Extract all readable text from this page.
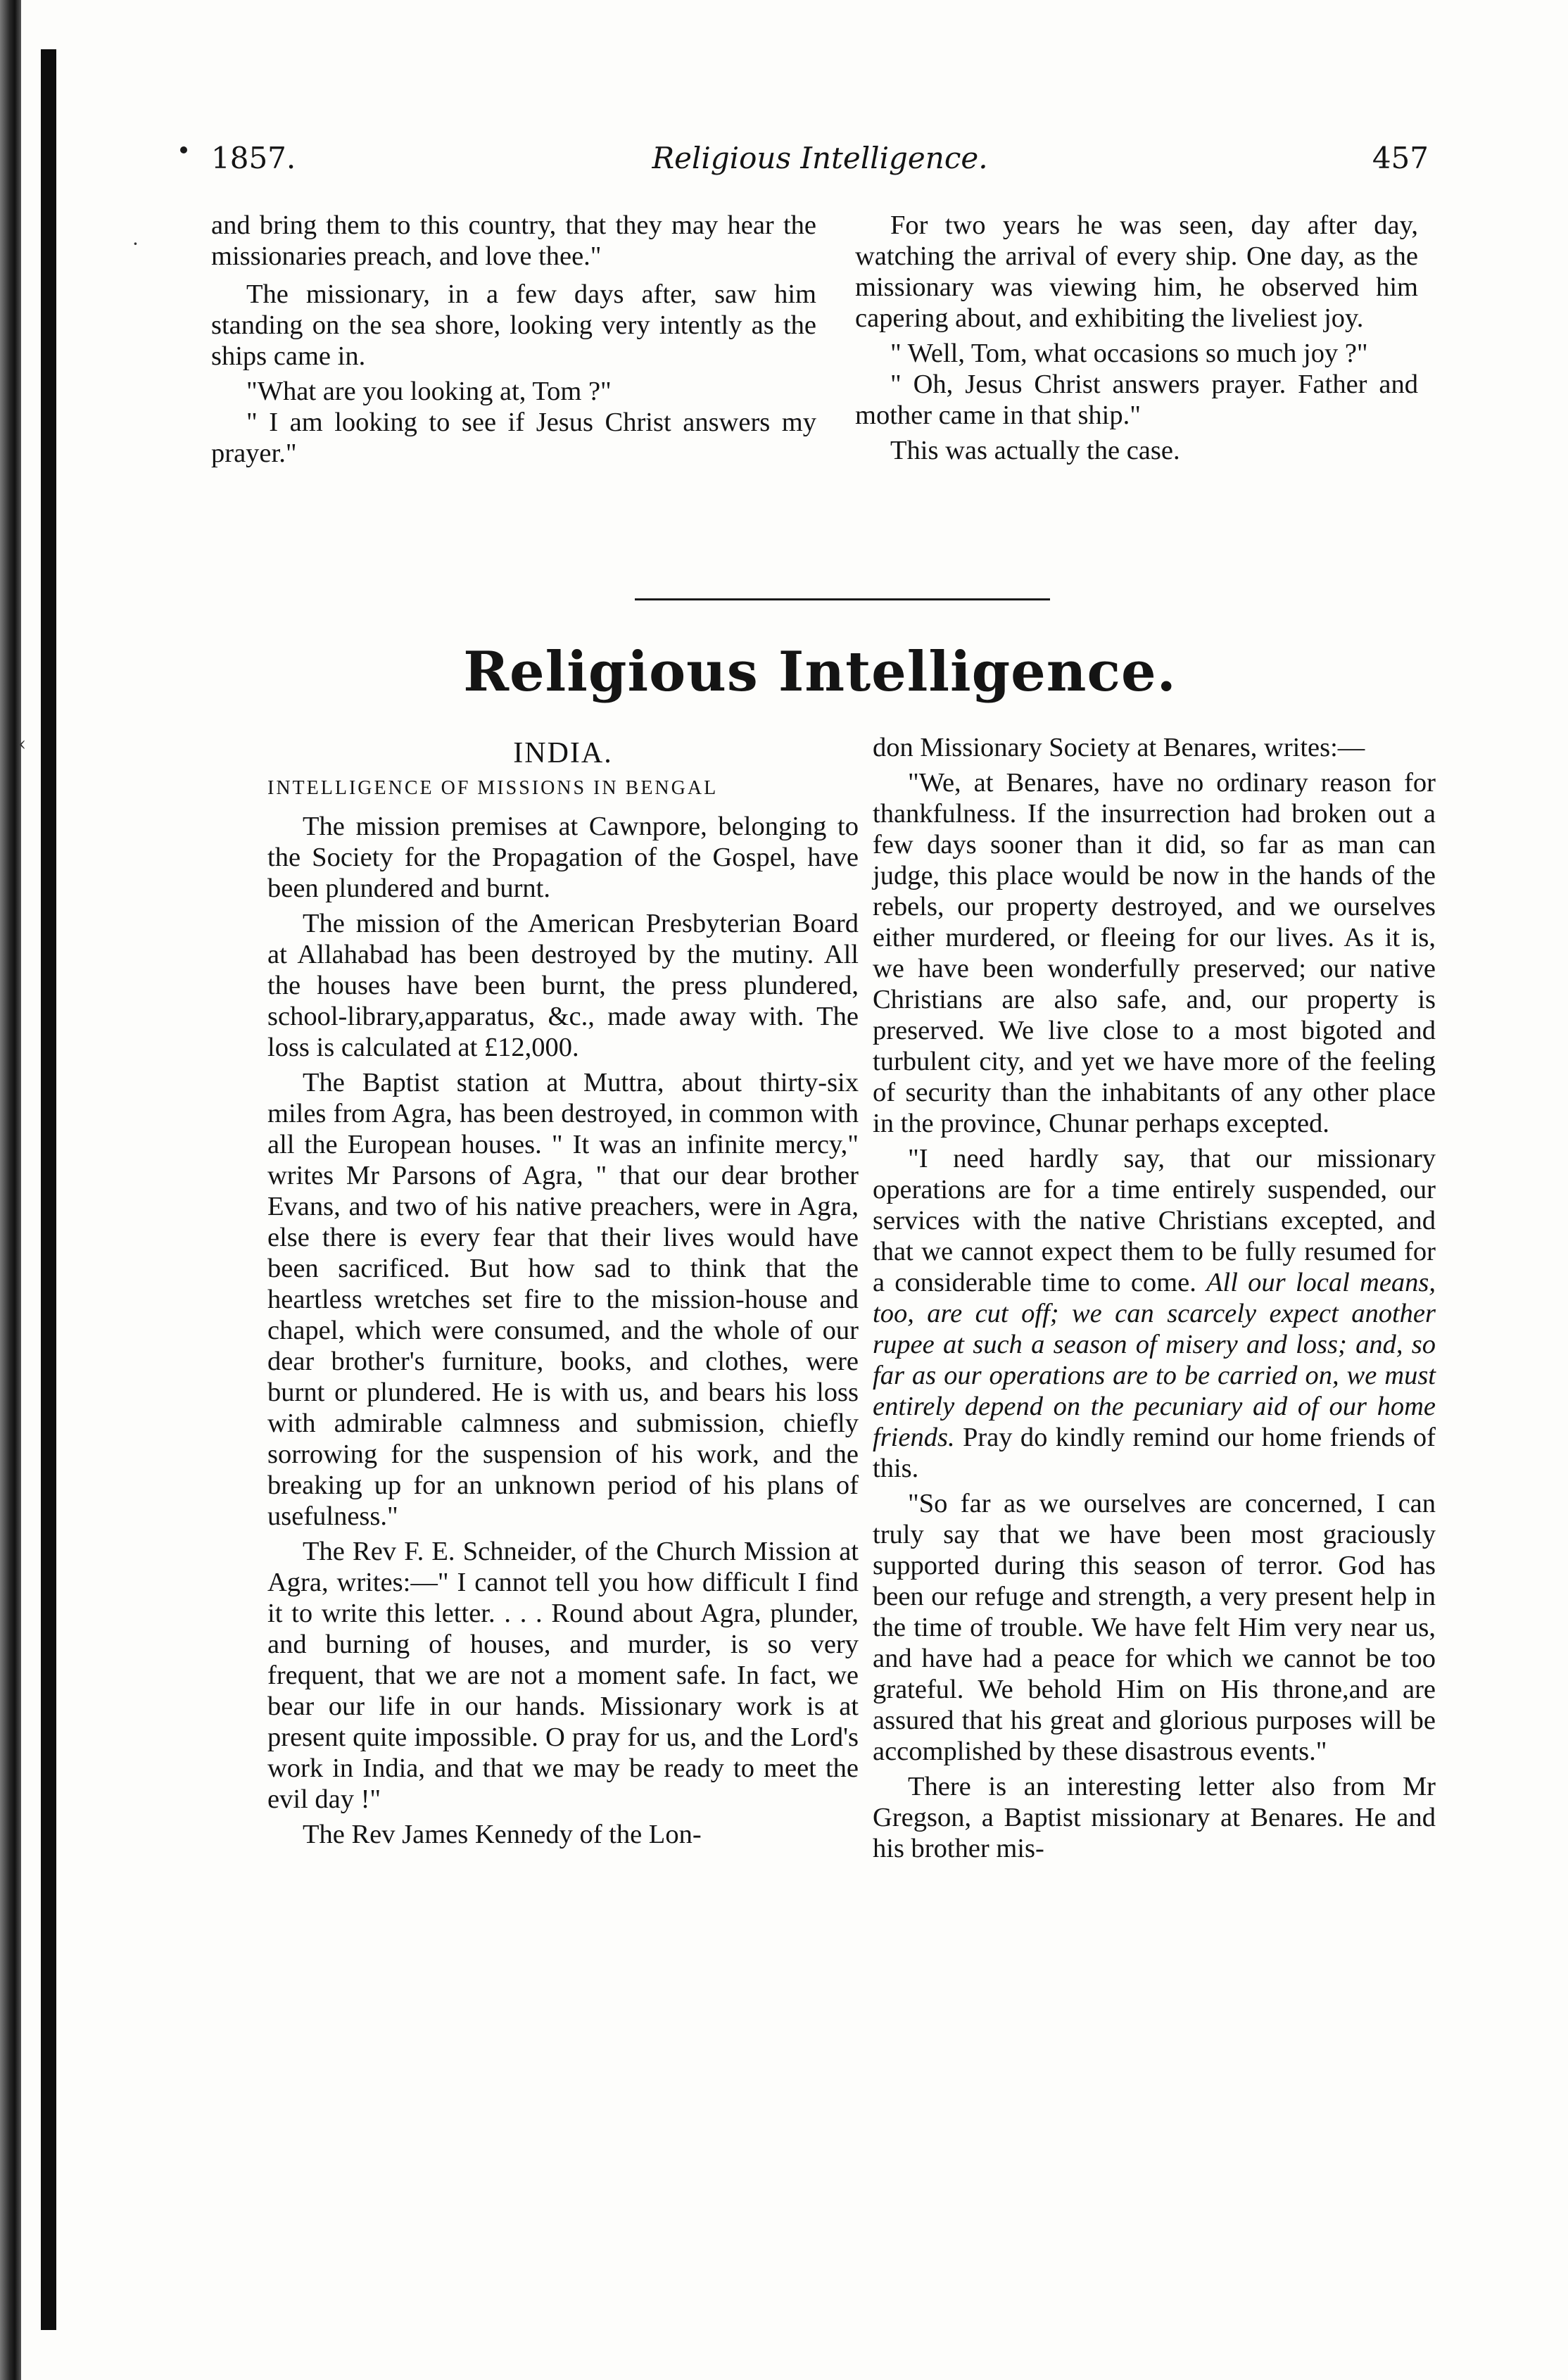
·
‹
1857.	Religious Intelligence.	457

and bring them to this country, that they may hear the missionaries preach, and love thee."

The missionary, in a few days after, saw him standing on the sea shore, looking very intently as the ships came in.

"What are you looking at, Tom ?"

" I am looking to see if Jesus Christ answers my prayer."

For two years he was seen, day after day, watching the arrival of every ship. One day, as the missionary was viewing him, he observed him capering about, and exhibiting the liveliest joy.

" Well, Tom, what occasions so much joy ?"

" Oh, Jesus Christ answers prayer. Father and mother came in that ship."

This was actually the case.

Religious Intelligence.
INDIA.
INTELLIGENCE OF MISSIONS IN BENGAL

The mission premises at Cawnpore, belonging to the Society for the Propagation of the Gospel, have been plundered and burnt.

The mission of the American Presbyterian Board at Allahabad has been destroyed by the mutiny. All the houses have been burnt, the press plundered, school-library,apparatus, &c., made away with. The loss is calculated at £12,000.

The Baptist station at Muttra, about thirty-six miles from Agra, has been destroyed, in common with all the European houses. " It was an infinite mercy," writes Mr Parsons of Agra, " that our dear brother Evans, and two of his native preachers, were in Agra, else there is every fear that their lives would have been sacrificed. But how sad to think that the heartless wretches set fire to the mission-house and chapel, which were consumed, and the whole of our dear brother's furniture, books, and clothes, were burnt or plundered. He is with us, and bears his loss with admirable calmness and submission, chiefly sorrowing for the suspension of his work, and the breaking up for an unknown period of his plans of usefulness."

The Rev F. E. Schneider, of the Church Mission at Agra, writes:—" I cannot tell you how difficult I find it to write this letter. . . . Round about Agra, plunder, and burning of houses, and murder, is so very frequent, that we are not a moment safe. In fact, we bear our life in our hands. Missionary work is at present quite impossible. O pray for us, and the Lord's work in India, and that we may be ready to meet the evil day !"

The Rev James Kennedy of the Lon-

don Missionary Society at Benares, writes:—

"We, at Benares, have no ordinary reason for thankfulness. If the insurrection had broken out a few days sooner than it did, so far as man can judge, this place would be now in the hands of the rebels, our property destroyed, and we ourselves either murdered, or fleeing for our lives. As it is, we have been wonderfully preserved; our native Christians are also safe, and, our property is preserved. We live close to a most bigoted and turbulent city, and yet we have more of the feeling of security than the inhabitants of any other place in the province, Chunar perhaps excepted.

"I need hardly say, that our missionary operations are for a time entirely suspended, our services with the native Christians excepted, and that we cannot expect them to be fully resumed for a considerable time to come. All our local means, too, are cut off; we can scarcely expect another rupee at such a season of misery and loss; and, so far as our operations are to be carried on, we must entirely depend on the pecuniary aid of our home friends. Pray do kindly remind our home friends of this.

"So far as we ourselves are concerned, I can truly say that we have been most graciously supported during this season of terror. God has been our refuge and strength, a very present help in the time of trouble. We have felt Him very near us, and have had a peace for which we cannot be too grateful. We behold Him on His throne,and are assured that his great and glorious purposes will be accomplished by these disastrous events."

There is an interesting letter also from Mr Gregson, a Baptist missionary at Benares. He and his brother mis-
